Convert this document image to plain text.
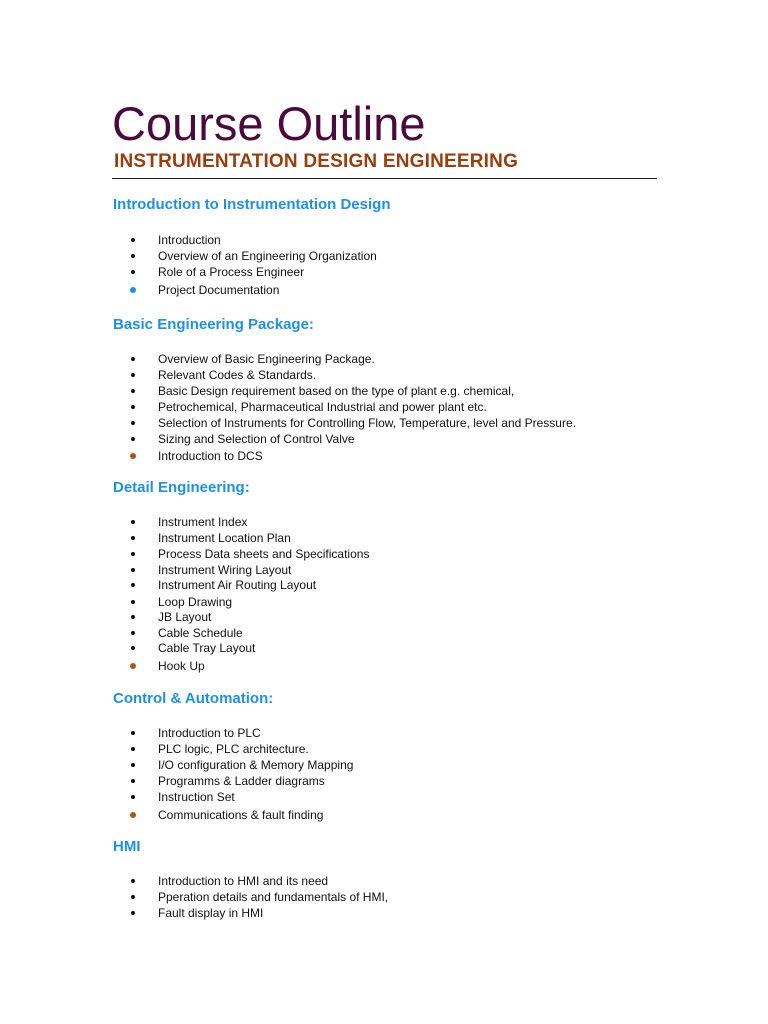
Course Outline
INSTRUMENTATION DESIGN ENGINEERING
Introduction to Instrumentation Design
Introduction
Overview of an Engineering Organization
Role of a Process Engineer
Project Documentation
Basic Engineering Package:
Overview of Basic Engineering Package.
Relevant Codes & Standards.
Basic Design requirement based on the type of plant e.g. chemical,
Petrochemical, Pharmaceutical Industrial and power plant etc.
Selection of Instruments for Controlling Flow, Temperature, level and Pressure.
Sizing and Selection of Control Valve
Introduction to DCS
Detail Engineering:
Instrument Index
Instrument Location Plan
Process Data sheets and Specifications
Instrument Wiring Layout
Instrument Air Routing Layout
Loop Drawing
JB Layout
Cable Schedule
Cable Tray Layout
Hook Up
Control & Automation:
Introduction to PLC
PLC logic, PLC architecture.
I/O configuration & Memory Mapping
Programms & Ladder diagrams
Instruction Set
Communications & fault finding
HMI
Introduction to HMI and its need
Pperation details and fundamentals of HMI,
Fault display in HMI
